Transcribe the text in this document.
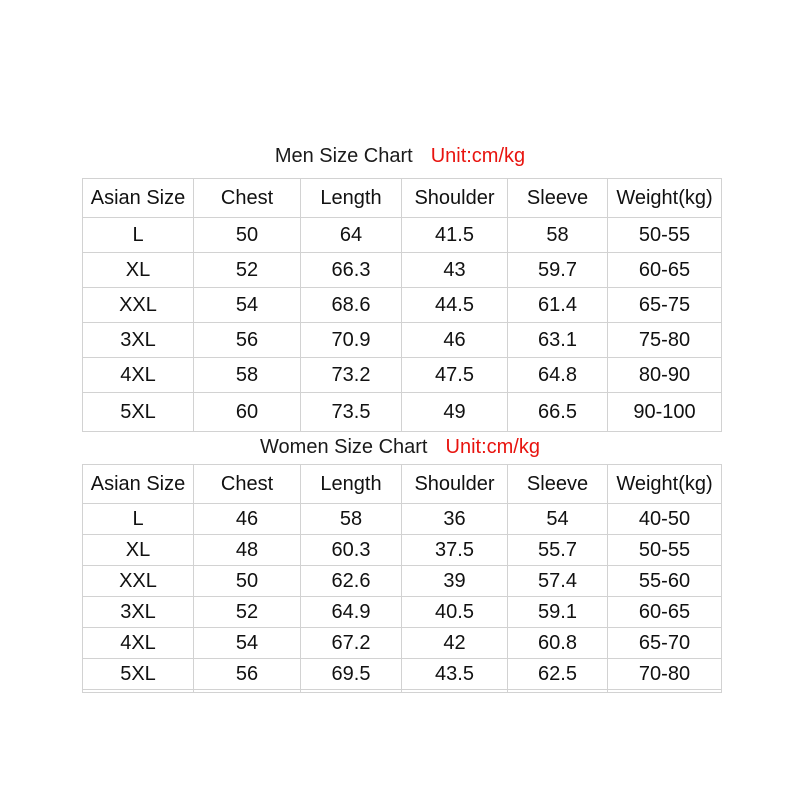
Men Size Chart Unit:cm/kg
Asian Size	Chest	Length	Shoulder	Sleeve	Weight(kg)
L	50	64	41.5	58	50-55
XL	52	66.3	43	59.7	60-65
XXL	54	68.6	44.5	61.4	65-75
3XL	56	70.9	46	63.1	75-80
4XL	58	73.2	47.5	64.8	80-90
5XL	60	73.5	49	66.5	90-100
Women Size Chart Unit:cm/kg
Asian Size	Chest	Length	Shoulder	Sleeve	Weight(kg)
L	46	58	36	54	40-50
XL	48	60.3	37.5	55.7	50-55
XXL	50	62.6	39	57.4	55-60
3XL	52	64.9	40.5	59.1	60-65
4XL	54	67.2	42	60.8	65-70
5XL	56	69.5	43.5	62.5	70-80
